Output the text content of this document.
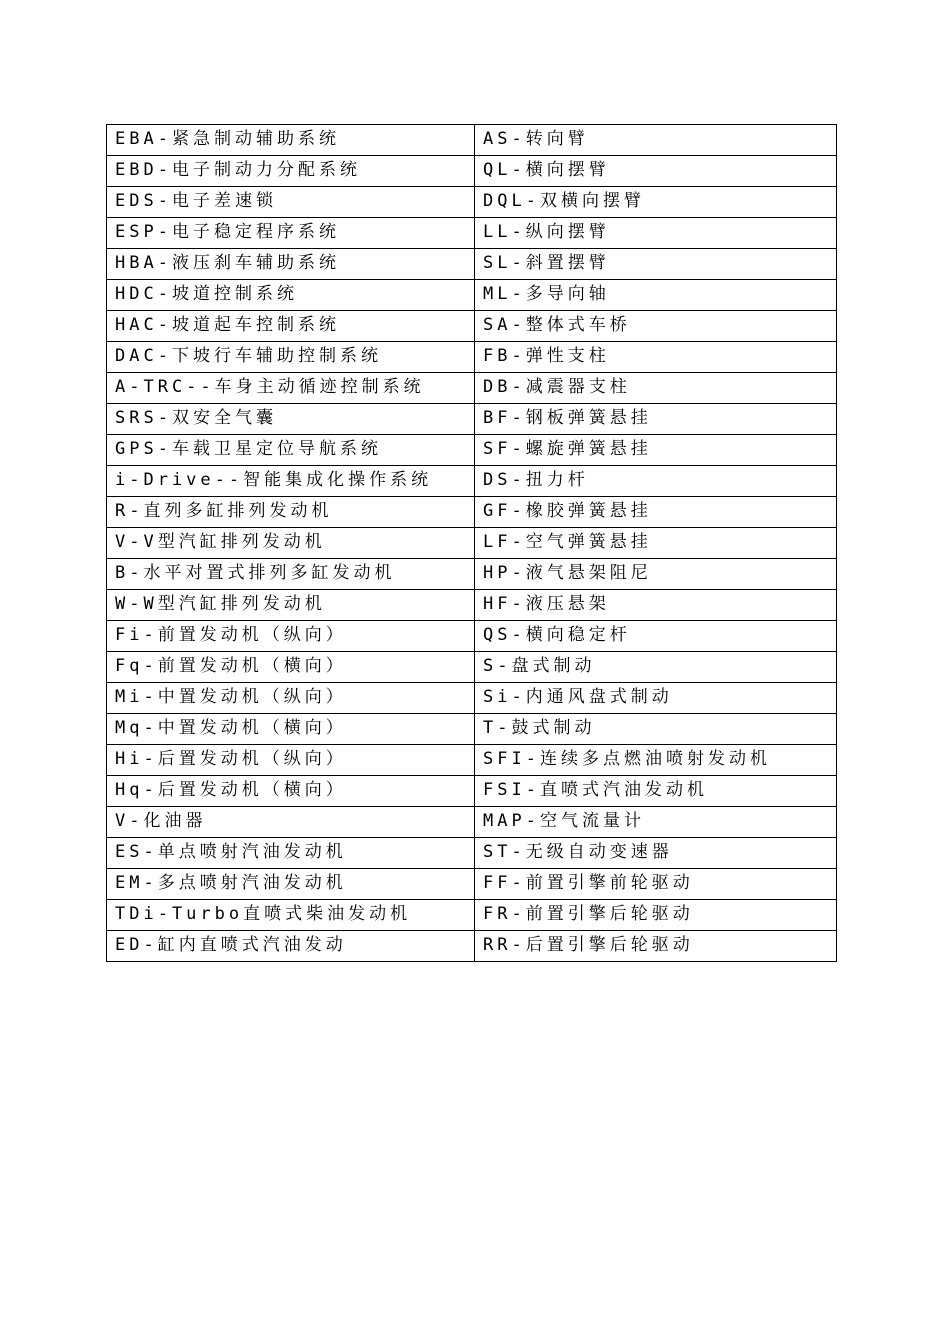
EBA-紧急制动辅助系统	AS-转向臂
EBD-电子制动力分配系统	QL-横向摆臂
EDS-电子差速锁	DQL-双横向摆臂
ESP-电子稳定程序系统	LL-纵向摆臂
HBA-液压刹车辅助系统	SL-斜置摆臂
HDC-坡道控制系统	ML-多导向轴
HAC-坡道起车控制系统	SA-整体式车桥
DAC-下坡行车辅助控制系统	FB-弹性支柱
A-TRC--车身主动循迹控制系统	DB-减震器支柱
SRS-双安全气囊	BF-钢板弹簧悬挂
GPS-车载卫星定位导航系统	SF-螺旋弹簧悬挂
i-Drive--智能集成化操作系统	DS-扭力杆
R-直列多缸排列发动机	GF-橡胶弹簧悬挂
V-V型汽缸排列发动机	LF-空气弹簧悬挂
B-水平对置式排列多缸发动机	HP-液气悬架阻尼
W-W型汽缸排列发动机	HF-液压悬架
Fi-前置发动机（纵向）	QS-横向稳定杆
Fq-前置发动机（横向）	S-盘式制动
Mi-中置发动机（纵向）	Si-内通风盘式制动
Mq-中置发动机（横向）	T-鼓式制动
Hi-后置发动机（纵向）	SFI-连续多点燃油喷射发动机
Hq-后置发动机（横向）	FSI-直喷式汽油发动机
V-化油器	MAP-空气流量计
ES-单点喷射汽油发动机	ST-无级自动变速器
EM-多点喷射汽油发动机	FF-前置引擎前轮驱动
TDi-Turbo直喷式柴油发动机	FR-前置引擎后轮驱动
ED-缸内直喷式汽油发动	RR-后置引擎后轮驱动
